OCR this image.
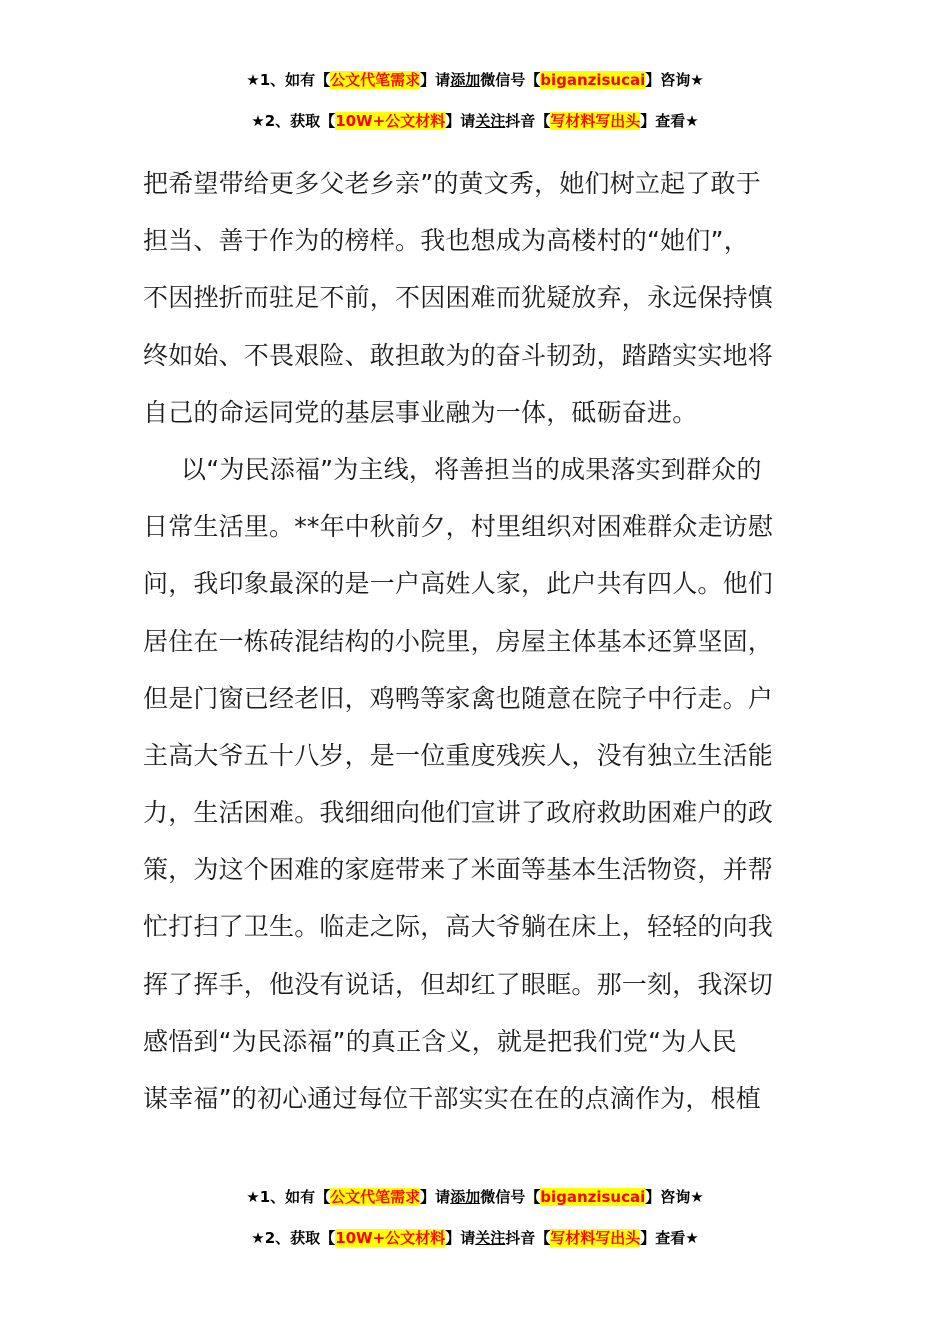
★1、如有【公文代笔需求】请添加微信号【biganzisucai】咨询★
★2、获取【10W+公文材料】请关注抖音【写材料写出头】查看★
把希望带给更多父老乡亲”的黄文秀，她们树立起了敢于
担当、善于作为的榜样。我也想成为高楼村的“她们”，
不因挫折而驻足不前，不因困难而犹疑放弃，永远保持慎
终如始、不畏艰险、敢担敢为的奋斗韧劲，踏踏实实地将
自己的命运同党的基层事业融为一体，砥砺奋进。
以“为民添福”为主线，将善担当的成果落实到群众的
日常生活里。**年中秋前夕，村里组织对困难群众走访慰
问，我印象最深的是一户高姓人家，此户共有四人。他们
居住在一栋砖混结构的小院里，房屋主体基本还算坚固，
但是门窗已经老旧，鸡鸭等家禽也随意在院子中行走。户
主高大爷五十八岁，是一位重度残疾人，没有独立生活能
力，生活困难。我细细向他们宣讲了政府救助困难户的政
策，为这个困难的家庭带来了米面等基本生活物资，并帮
忙打扫了卫生。临走之际，高大爷躺在床上，轻轻的向我
挥了挥手，他没有说话，但却红了眼眶。那一刻，我深切
感悟到“为民添福”的真正含义，就是把我们党“为人民
谋幸福”的初心通过每位干部实实在在的点滴作为，根植
★1、如有【公文代笔需求】请添加微信号【biganzisucai】咨询★
★2、获取【10W+公文材料】请关注抖音【写材料写出头】查看★
